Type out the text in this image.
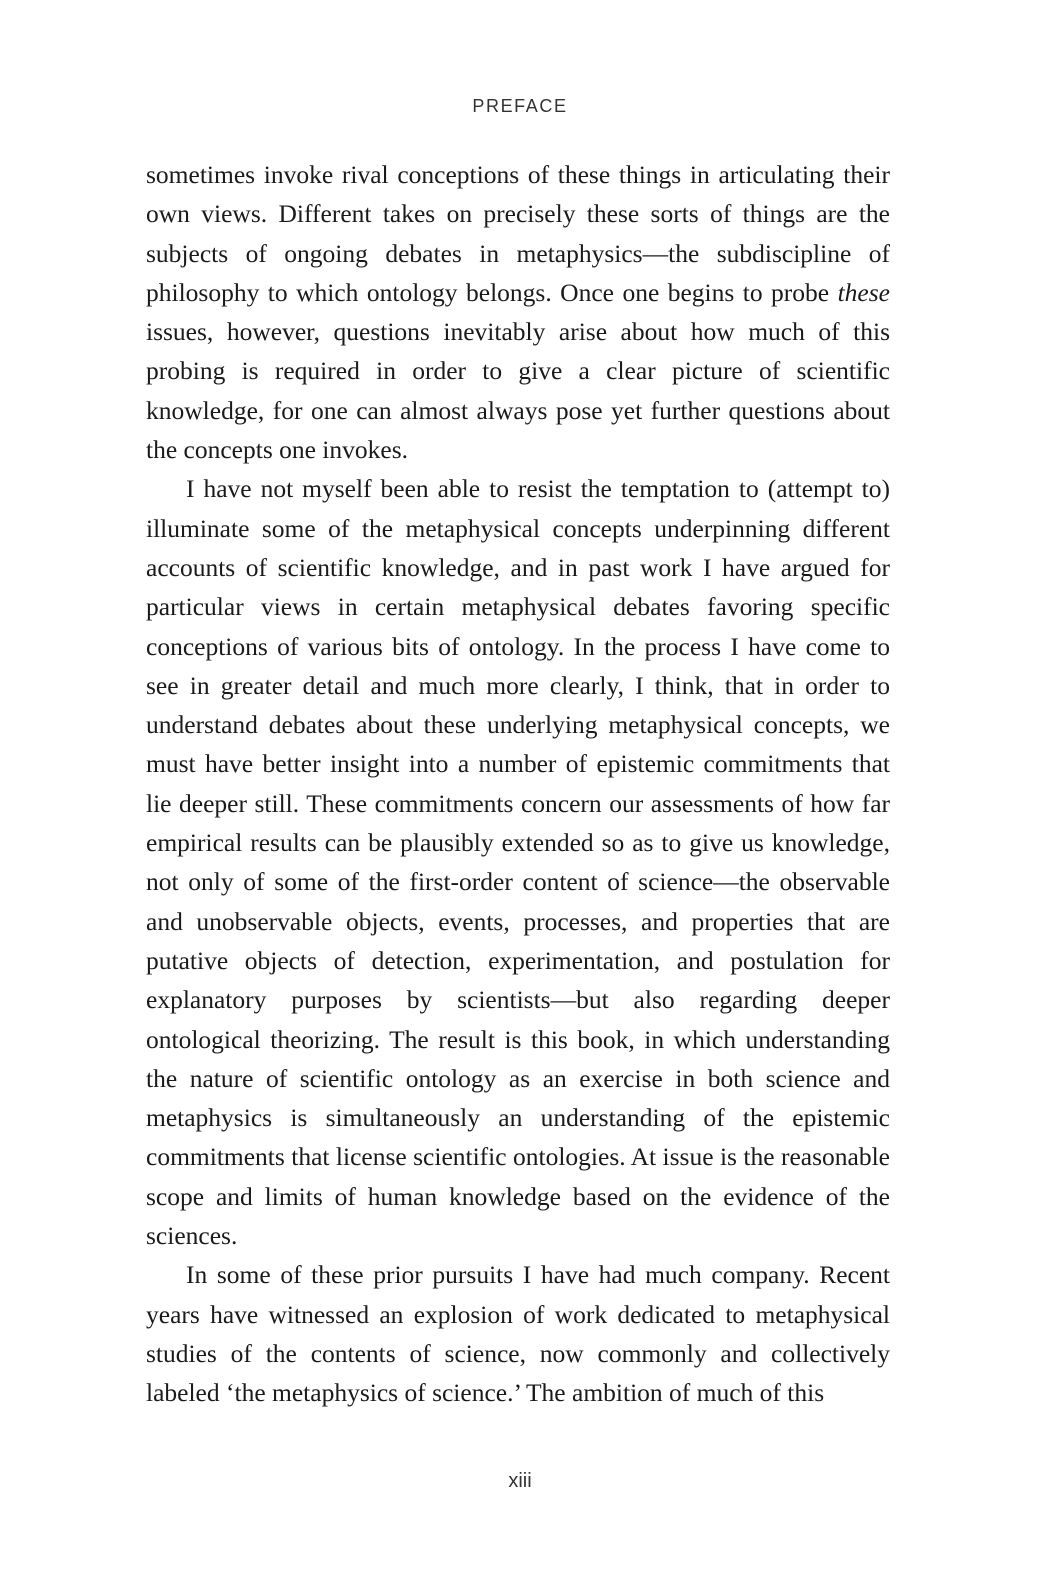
PREFACE

sometimes invoke rival conceptions of these things in articulating their own views. Different takes on precisely these sorts of things are the subjects of ongoing debates in metaphysics—the subdiscipline of philosophy to which ontology belongs. Once one begins to probe these issues, however, questions inevitably arise about how much of this probing is required in order to give a clear picture of scientific knowledge, for one can almost always pose yet further questions about the concepts one invokes.

I have not myself been able to resist the temptation to (attempt to) illuminate some of the metaphysical concepts underpinning different accounts of scientific knowledge, and in past work I have argued for particular views in certain metaphysical debates favoring specific conceptions of various bits of ontology. In the process I have come to see in greater detail and much more clearly, I think, that in order to understand debates about these underlying metaphysical concepts, we must have better insight into a number of epistemic commitments that lie deeper still. These commitments concern our assessments of how far empirical results can be plausibly extended so as to give us knowledge, not only of some of the first-order content of science—the observable and unobservable objects, events, processes, and properties that are putative objects of detection, experimentation, and postulation for explanatory purposes by scientists—but also regarding deeper ontological theorizing. The result is this book, in which understanding the nature of scientific ontology as an exercise in both science and metaphysics is simultaneously an understanding of the epistemic commitments that license scientific ontologies. At issue is the reasonable scope and limits of human knowledge based on the evidence of the sciences.

In some of these prior pursuits I have had much company. Recent years have witnessed an explosion of work dedicated to metaphysical studies of the contents of science, now commonly and collectively labeled ‘the metaphysics of science.’ The ambition of much of this

xiii
